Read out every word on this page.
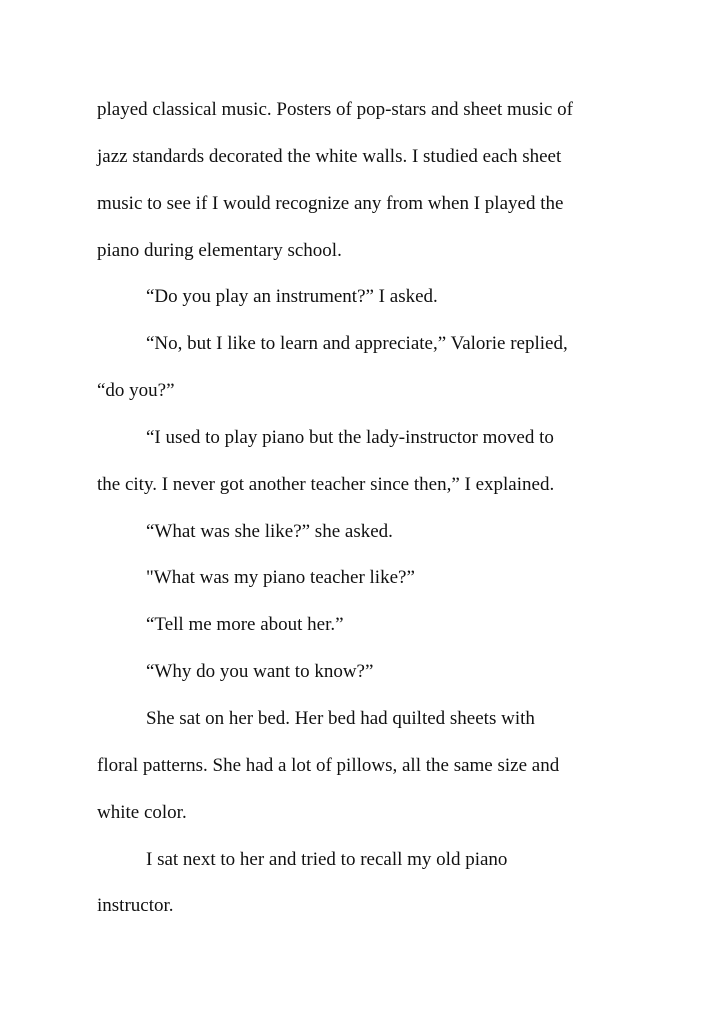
played classical music. Posters of pop-stars and sheet music of
jazz standards decorated the white walls. I studied each sheet
music to see if I would recognize any from when I played the
piano during elementary school.
“Do you play an instrument?” I asked.
“No, but I like to learn and appreciate,” Valorie replied,
“do you?”
“I used to play piano but the lady-instructor moved to
the city. I never got another teacher since then,” I explained.
“What was she like?” she asked.
"What was my piano teacher like?”
“Tell me more about her.”
“Why do you want to know?”
She sat on her bed. Her bed had quilted sheets with
floral patterns. She had a lot of pillows, all the same size and
white color.
I sat next to her and tried to recall my old piano
instructor.
